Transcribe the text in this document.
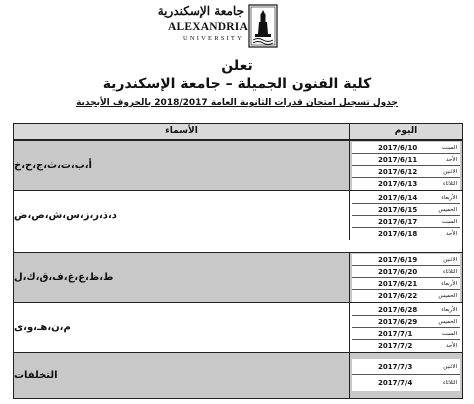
جامعة الإسكندرية
ALEXANDRIA
UNIVERSITY
تعلن
كلية الفنون الجميلة – جامعة الإسكندرية
جدول تسجيل امتحان قدرات الثانوية العامة 2018/2017 بالحروف الأبجدية
الأسماء	اليوم
أ،ب،ت،ث،ج،ح،خ
السبت
2017/6/10
الأحد
2017/6/11
الاثنين
2017/6/12
الثلاثاء
2017/6/13
د،ذ،ر،ز،س،ش،ص،ض
الأربعاء
2017/6/14
الخميس
2017/6/15
السبت
2017/6/17
الأحد
2017/6/18
ط،ظ،ع،غ،ف،ق،ك،ل
الاثنين
2017/6/19
الثلاثاء
2017/6/20
الأربعاء
2017/6/21
الخميس
2017/6/22
م،ن،هـ،و،ى
الأربعاء
2017/6/28
الخميس
2017/6/29
السبت
2017/7/1
الأحد
2017/7/2
التخلفات
الاثنين
2017/7/3
الثلاثاء
2017/7/4
